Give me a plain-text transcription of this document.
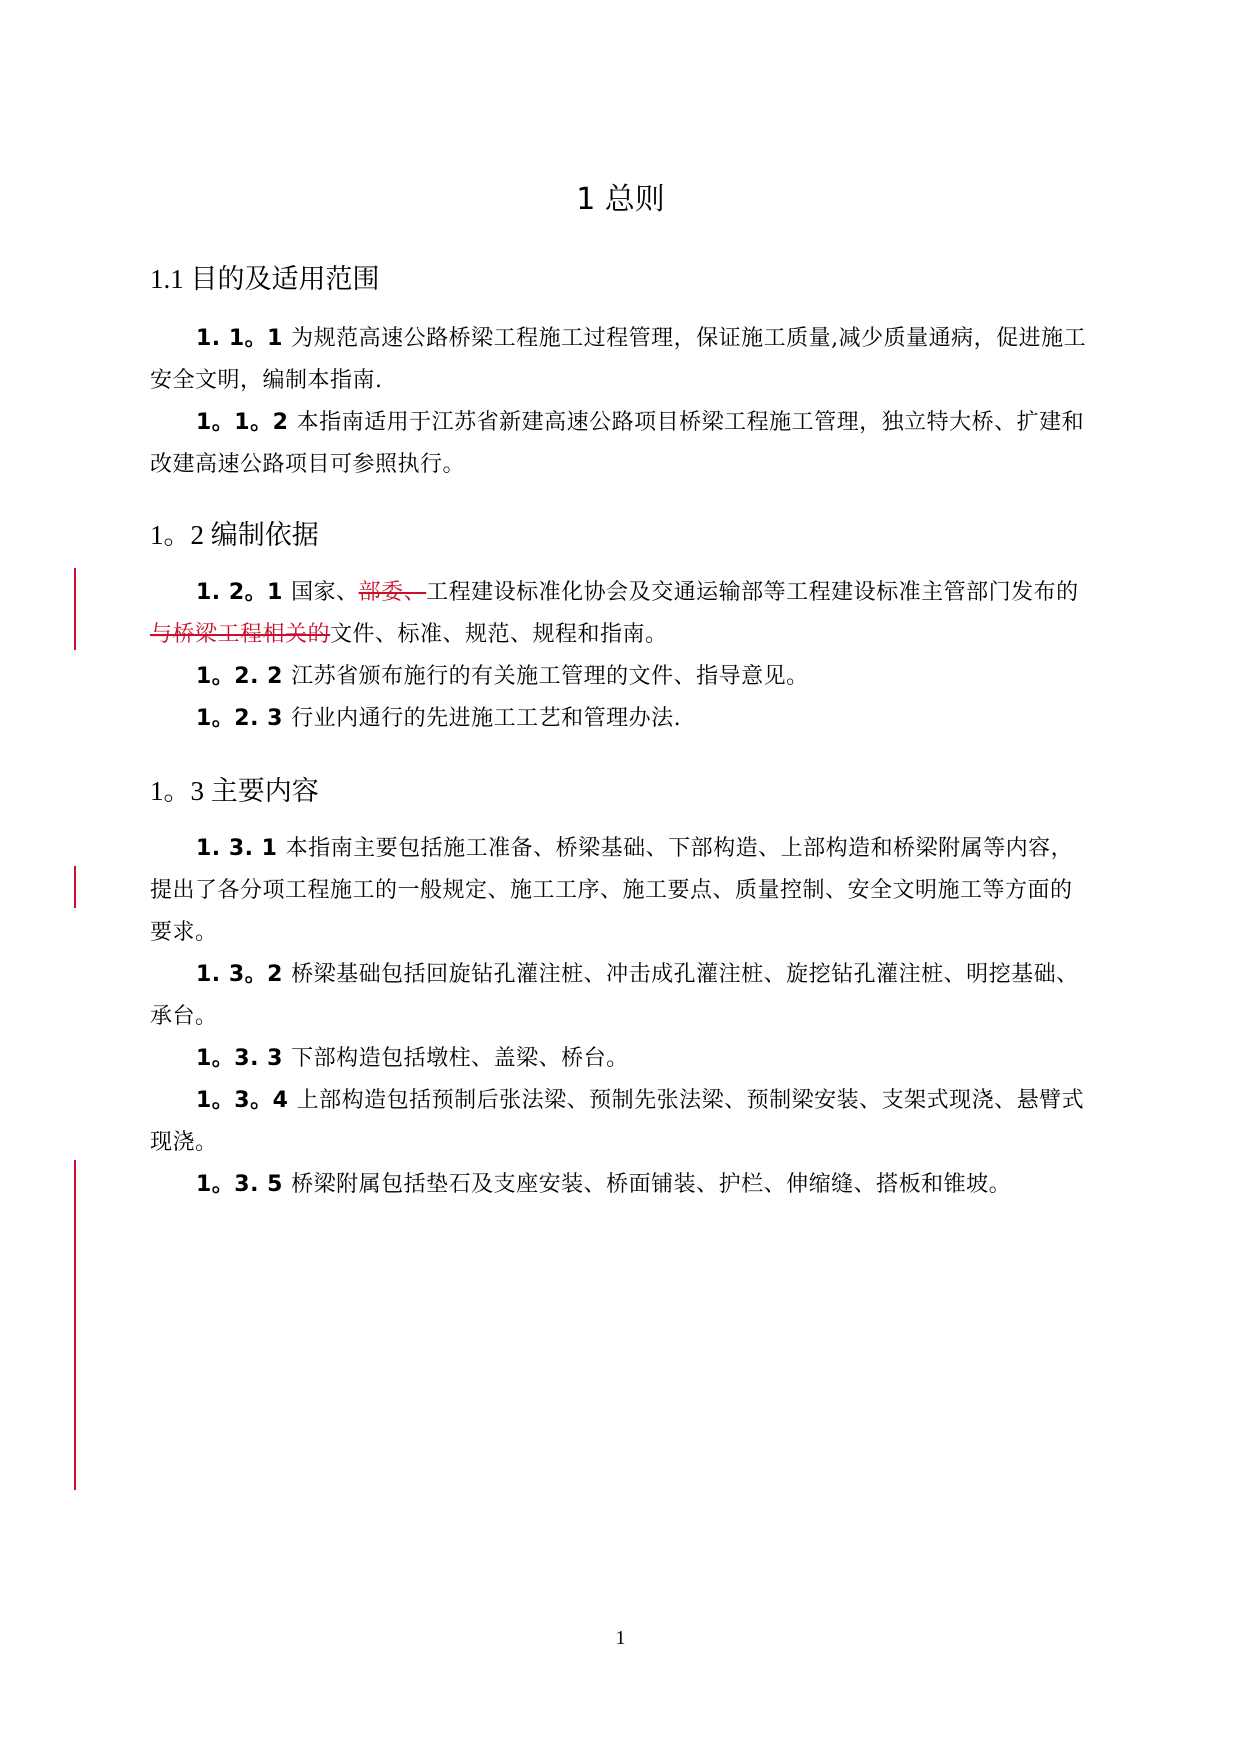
1 总则
1.1 目的及适用范围
1. 1。1 为规范高速公路桥梁工程施工过程管理，保证施工质量,减少质量通病，促进施工安全文明，编制本指南.
1。1。2 本指南适用于江苏省新建高速公路项目桥梁工程施工管理，独立特大桥、扩建和改建高速公路项目可参照执行。
1。2 编制依据
1. 2。1 国家、部委、工程建设标准化协会及交通运输部等工程建设标准主管部门发布的与桥梁工程相关的文件、标准、规范、规程和指南。
1。2. 2 江苏省颁布施行的有关施工管理的文件、指导意见。
1。2. 3 行业内通行的先进施工工艺和管理办法.
1。3 主要内容
1. 3. 1 本指南主要包括施工准备、桥梁基础、下部构造、上部构造和桥梁附属等内容，提出了各分项工程施工的一般规定、施工工序、施工要点、质量控制、安全文明施工等方面的要求。
1. 3。2 桥梁基础包括回旋钻孔灌注桩、冲击成孔灌注桩、旋挖钻孔灌注桩、明挖基础、承台。
1。3. 3 下部构造包括墩柱、盖梁、桥台。
1。3。4 上部构造包括预制后张法梁、预制先张法梁、预制梁安装、支架式现浇、悬臂式现浇。
1。3. 5 桥梁附属包括垫石及支座安装、桥面铺装、护栏、伸缩缝、搭板和锥坡。
1
